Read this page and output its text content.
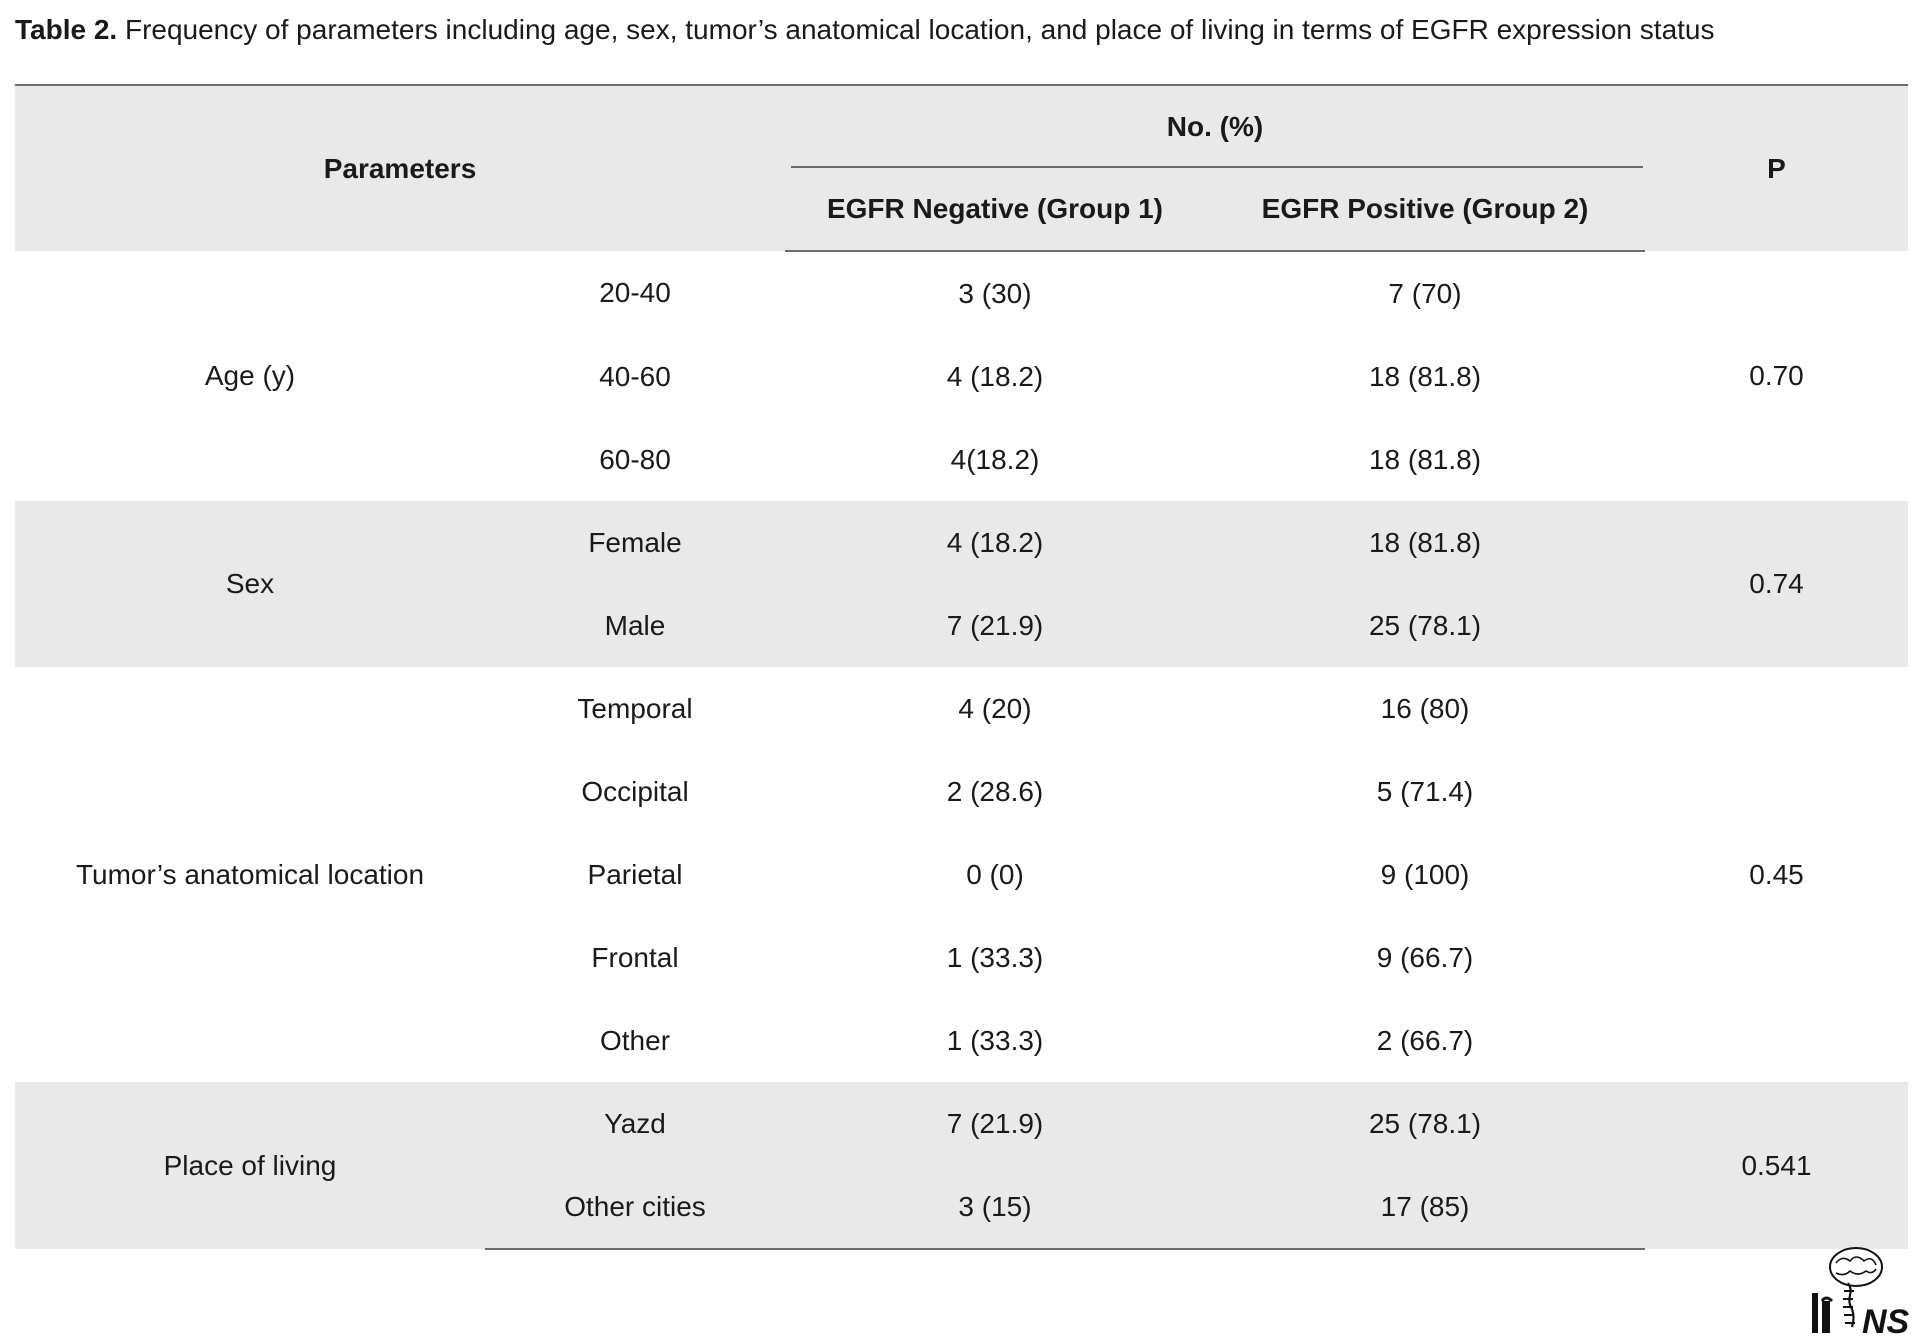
Table 2. Frequency of parameters including age, sex, tumor’s anatomical location, and place of living in terms of EGFR expression status
Parameters		No. (%)		P
		EGFR Negative (Group 1)	EGFR Positive (Group 2)	
Age (y)	20-40	3 (30)	7 (70)	0.70
	40-60	4 (18.2)	18 (81.8)	
	60-80	4(18.2)	18 (81.8)	
Sex	Female	4 (18.2)	18 (81.8)	0.74
	Male	7 (21.9)	25 (78.1)	
Tumor’s anatomical location	Temporal	4 (20)	16 (80)	0.45
	Occipital	2 (28.6)	5 (71.4)	
	Parietal	0 (0)	9 (100)	
	Frontal	1 (33.3)	9 (66.7)	
	Other	1 (33.3)	2 (66.7)	
Place of living	Yazd	7 (21.9)	25 (78.1)	0.541
	Other cities	3 (15)	17 (85)	
NS
